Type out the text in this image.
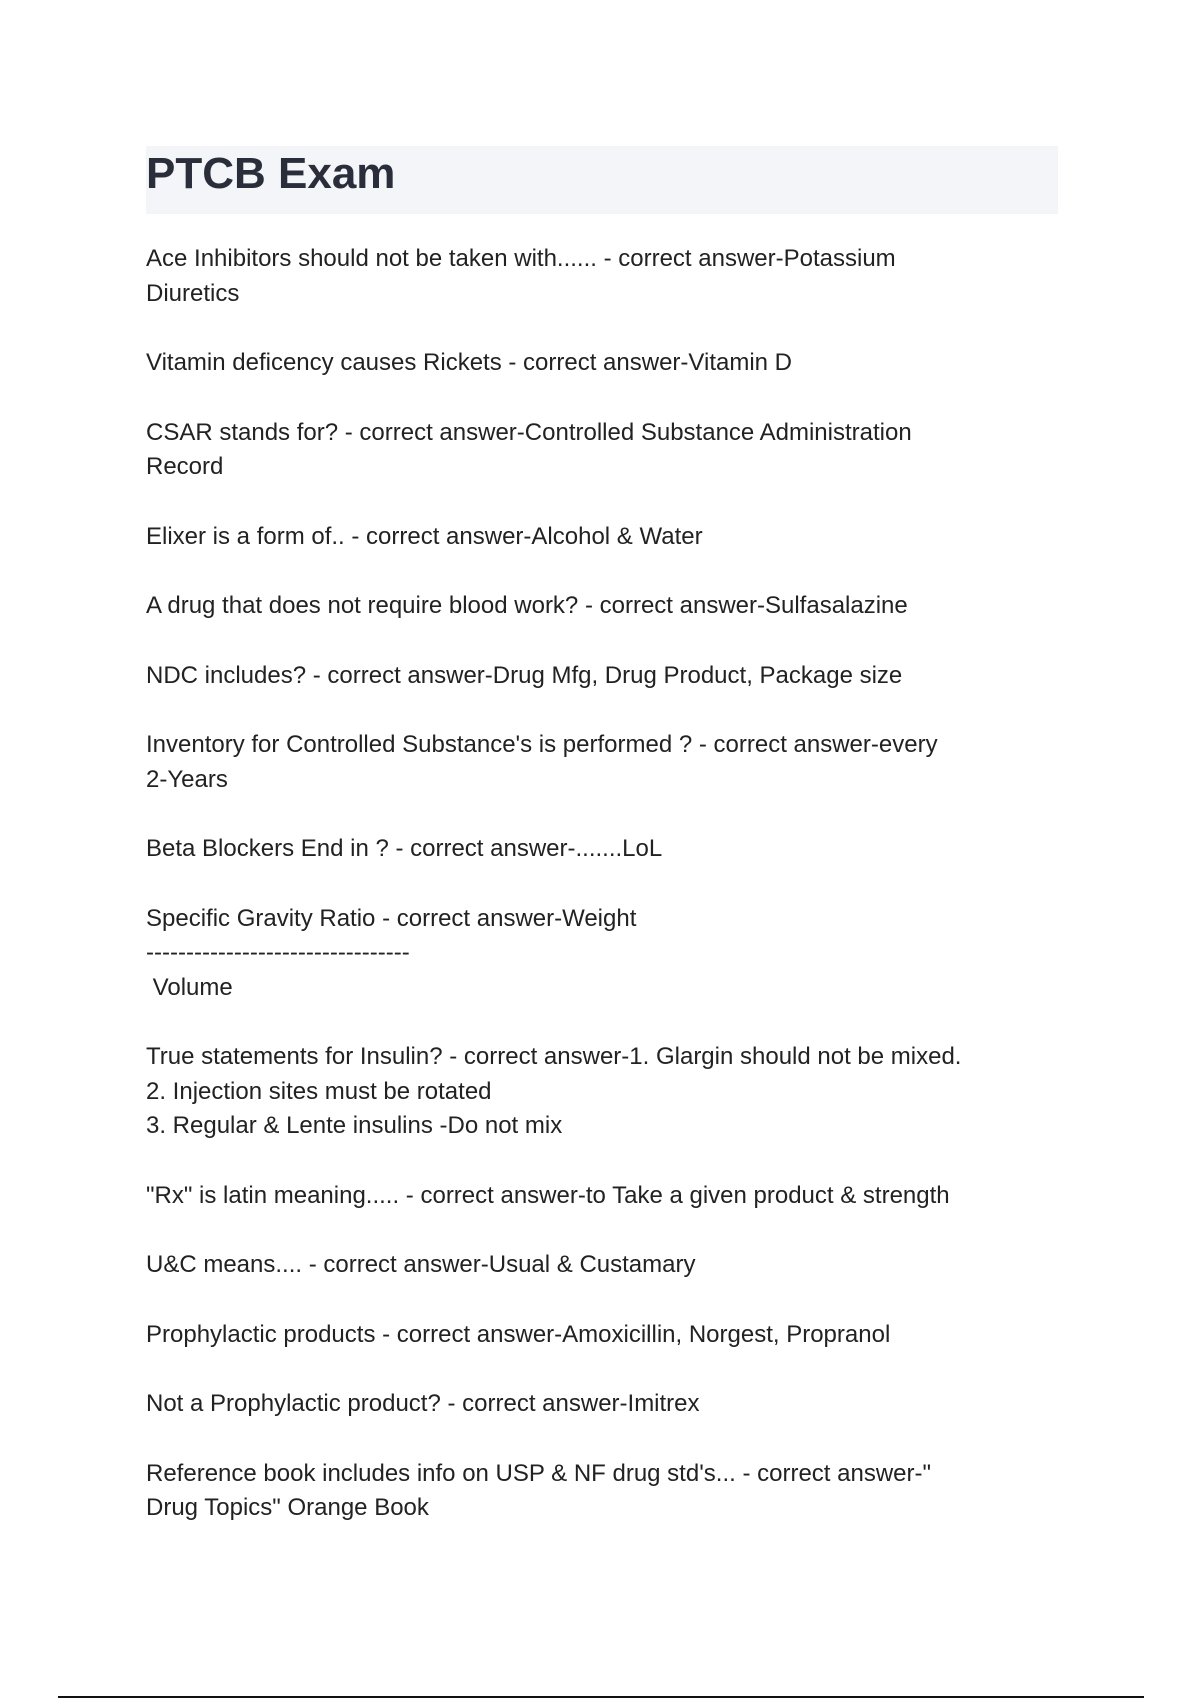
PTCB Exam
Ace Inhibitors should not be taken with...... - correct answer-Potassium
Diuretics
Vitamin deficency causes Rickets - correct answer-Vitamin D
CSAR stands for? - correct answer-Controlled Substance Administration
Record
Elixer is a form of.. - correct answer-Alcohol & Water
A drug that does not require blood work? - correct answer-Sulfasalazine
NDC includes? - correct answer-Drug Mfg, Drug Product, Package size
Inventory for Controlled Substance's is performed ? - correct answer-every
2-Years
Beta Blockers End in ? - correct answer-.......LoL
Specific Gravity Ratio - correct answer-Weight
---------------------------------
Volume
True statements for Insulin? - correct answer-1. Glargin should not be mixed.
2. Injection sites must be rotated
3. Regular & Lente insulins -Do not mix
"Rx" is latin meaning..... - correct answer-to Take a given product & strength
U&C means.... - correct answer-Usual & Custamary
Prophylactic products - correct answer-Amoxicillin, Norgest, Propranol
Not a Prophylactic product? - correct answer-Imitrex
Reference book includes info on USP & NF drug std's... - correct answer-"
Drug Topics" Orange Book
